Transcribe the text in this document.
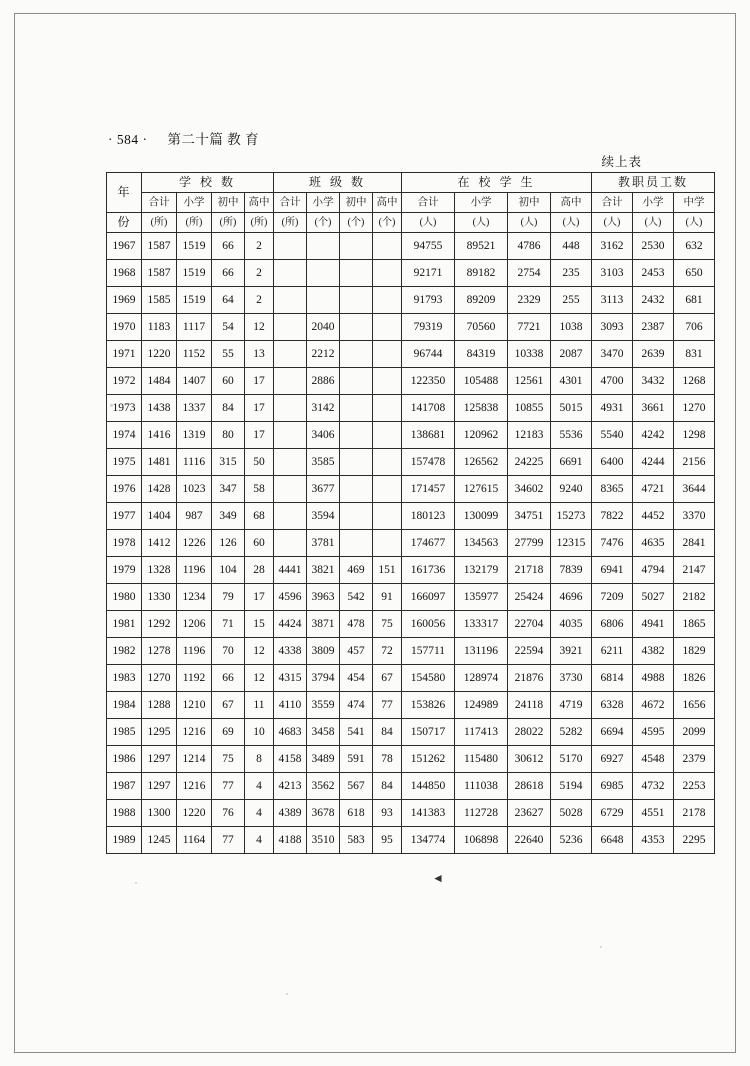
· 584 · 第二十篇 教 育
续上表
年	学 校 数				班 级 数				在 校 学 生				教职员工数		
	合计	小学	初中	高中	合计	小学	初中	高中	合计	小学	初中	高中	合计	小学	中学
份	(所)	(所)	(所)	(所)	(所)	(个)	(个)	(个)	(人)	(人)	(人)	(人)	(人)	(人)	(人)
1967	1587	1519	66	2					94755	89521	4786	448	3162	2530	632
1968	1587	1519	66	2					92171	89182	2754	235	3103	2453	650
1969	1585	1519	64	2					91793	89209	2329	255	3113	2432	681
1970	1183	1117	54	12		2040			79319	70560	7721	1038	3093	2387	706
1971	1220	1152	55	13		2212			96744	84319	10338	2087	3470	2639	831
1972	1484	1407	60	17		2886			122350	105488	12561	4301	4700	3432	1268
1973	1438	1337	84	17		3142			141708	125838	10855	5015	4931	3661	1270
1974	1416	1319	80	17		3406			138681	120962	12183	5536	5540	4242	1298
1975	1481	1116	315	50		3585			157478	126562	24225	6691	6400	4244	2156
1976	1428	1023	347	58		3677			171457	127615	34602	9240	8365	4721	3644
1977	1404	987	349	68		3594			180123	130099	34751	15273	7822	4452	3370
1978	1412	1226	126	60		3781			174677	134563	27799	12315	7476	4635	2841
1979	1328	1196	104	28	4441	3821	469	151	161736	132179	21718	7839	6941	4794	2147
1980	1330	1234	79	17	4596	3963	542	91	166097	135977	25424	4696	7209	5027	2182
1981	1292	1206	71	15	4424	3871	478	75	160056	133317	22704	4035	6806	4941	1865
1982	1278	1196	70	12	4338	3809	457	72	157711	131196	22594	3921	6211	4382	1829
1983	1270	1192	66	12	4315	3794	454	67	154580	128974	21876	3730	6814	4988	1826
1984	1288	1210	67	11	4110	3559	474	77	153826	124989	24118	4719	6328	4672	1656
1985	1295	1216	69	10	4683	3458	541	84	150717	117413	28022	5282	6694	4595	2099
1986	1297	1214	75	8	4158	3489	591	78	151262	115480	30612	5170	6927	4548	2379
1987	1297	1216	77	4	4213	3562	567	84	144850	111038	28618	5194	6985	4732	2253
1988	1300	1220	76	4	4389	3678	618	93	141383	112728	23627	5028	6729	4551	2178
1989	1245	1164	77	4	4188	3510	583	95	134774	106898	22640	5236	6648	4353	2295
◄
